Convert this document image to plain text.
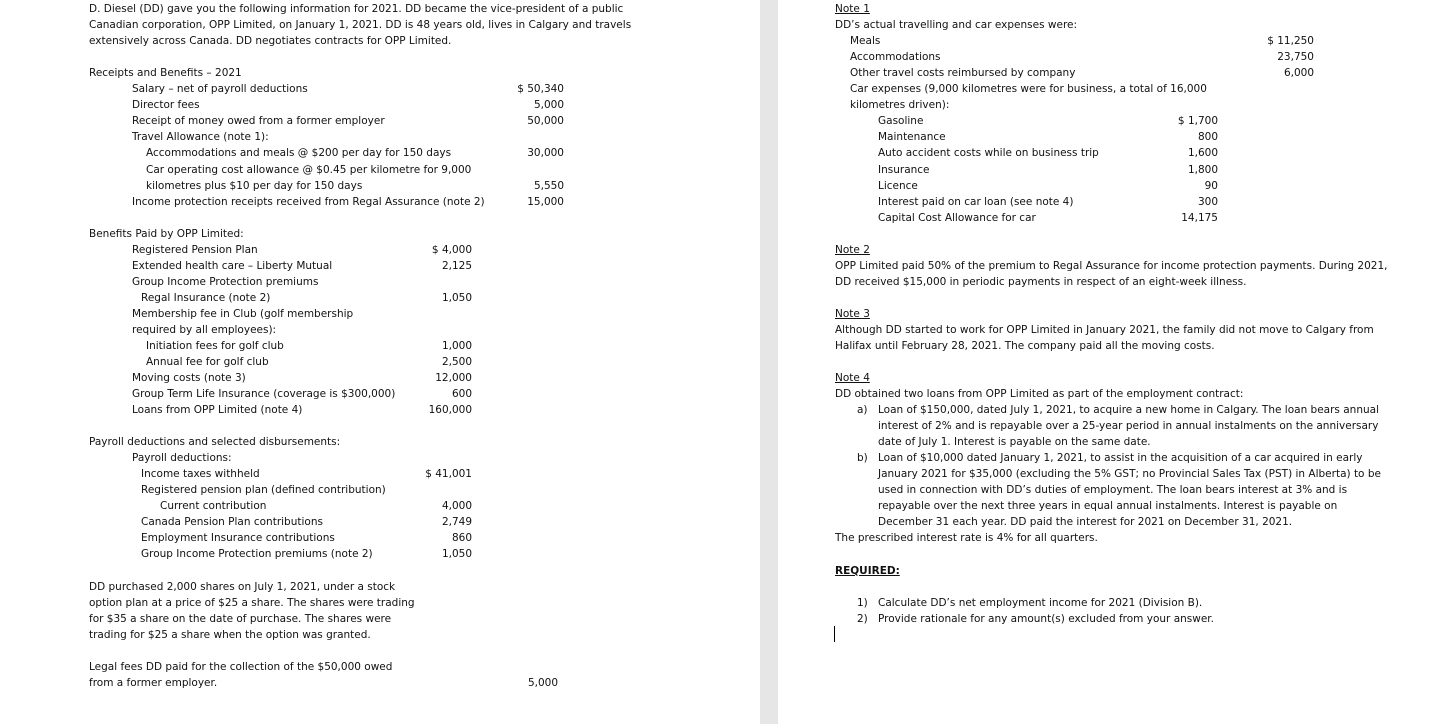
D. Diesel (DD) gave you the following information for 2021. DD became the vice-president of a public
Canadian corporation, OPP Limited, on January 1, 2021. DD is 48 years old, lives in Calgary and travels
extensively across Canada. DD negotiates contracts for OPP Limited.
Receipts and Benefits – 2021
Salary – net of payroll deductions	$ 50,340
Director fees	5,000
Receipt of money owed from a former employer	50,000
Travel Allowance (note 1):
Accommodations and meals @ $200 per day for 150 days	30,000
Car operating cost allowance @ $0.45 per kilometre for 9,000
kilometres plus $10 per day for 150 days	5,550
Income protection receipts received from Regal Assurance (note 2)	15,000
Benefits Paid by OPP Limited:
Registered Pension Plan	$ 4,000
Extended health care – Liberty Mutual	2,125
Group Income Protection premiums
Regal Insurance (note 2)	1,050
Membership fee in Club (golf membership
required by all employees):
Initiation fees for golf club	1,000
Annual fee for golf club	2,500
Moving costs (note 3)	12,000
Group Term Life Insurance (coverage is $300,000)	600
Loans from OPP Limited (note 4)	160,000
Payroll deductions and selected disbursements:
Payroll deductions:
Income taxes withheld	$ 41,001
Registered pension plan (defined contribution)
Current contribution	4,000
Canada Pension Plan contributions	2,749
Employment Insurance contributions	860
Group Income Protection premiums (note 2)	1,050
DD purchased 2,000 shares on July 1, 2021, under a stock
option plan at a price of $25 a share. The shares were trading
for $35 a share on the date of purchase. The shares were
trading for $25 a share when the option was granted.
Legal fees DD paid for the collection of the $50,000 owed
from a former employer.	5,000
Note 1
DD’s actual travelling and car expenses were:
Meals	$ 11,250
Accommodations	23,750
Other travel costs reimbursed by company	6,000
Car expenses (9,000 kilometres were for business, a total of 16,000
kilometres driven):
Gasoline	$ 1,700
Maintenance	800
Auto accident costs while on business trip	1,600
Insurance	1,800
Licence	90
Interest paid on car loan (see note 4)	300
Capital Cost Allowance for car	14,175
Note 2
OPP Limited paid 50% of the premium to Regal Assurance for income protection payments. During 2021,
DD received $15,000 in periodic payments in respect of an eight-week illness.
Note 3
Although DD started to work for OPP Limited in January 2021, the family did not move to Calgary from
Halifax until February 28, 2021. The company paid all the moving costs.
Note 4
DD obtained two loans from OPP Limited as part of the employment contract:
a) Loan of $150,000, dated July 1, 2021, to acquire a new home in Calgary. The loan bears annual
interest of 2% and is repayable over a 25-year period in annual instalments on the anniversary
date of July 1. Interest is payable on the same date.
b) Loan of $10,000 dated January 1, 2021, to assist in the acquisition of a car acquired in early
January 2021 for $35,000 (excluding the 5% GST; no Provincial Sales Tax (PST) in Alberta) to be
used in connection with DD’s duties of employment. The loan bears interest at 3% and is
repayable over the next three years in equal annual instalments. Interest is payable on
December 31 each year. DD paid the interest for 2021 on December 31, 2021.
The prescribed interest rate is 4% for all quarters.
REQUIRED:
1) Calculate DD’s net employment income for 2021 (Division B).
2) Provide rationale for any amount(s) excluded from your answer.
